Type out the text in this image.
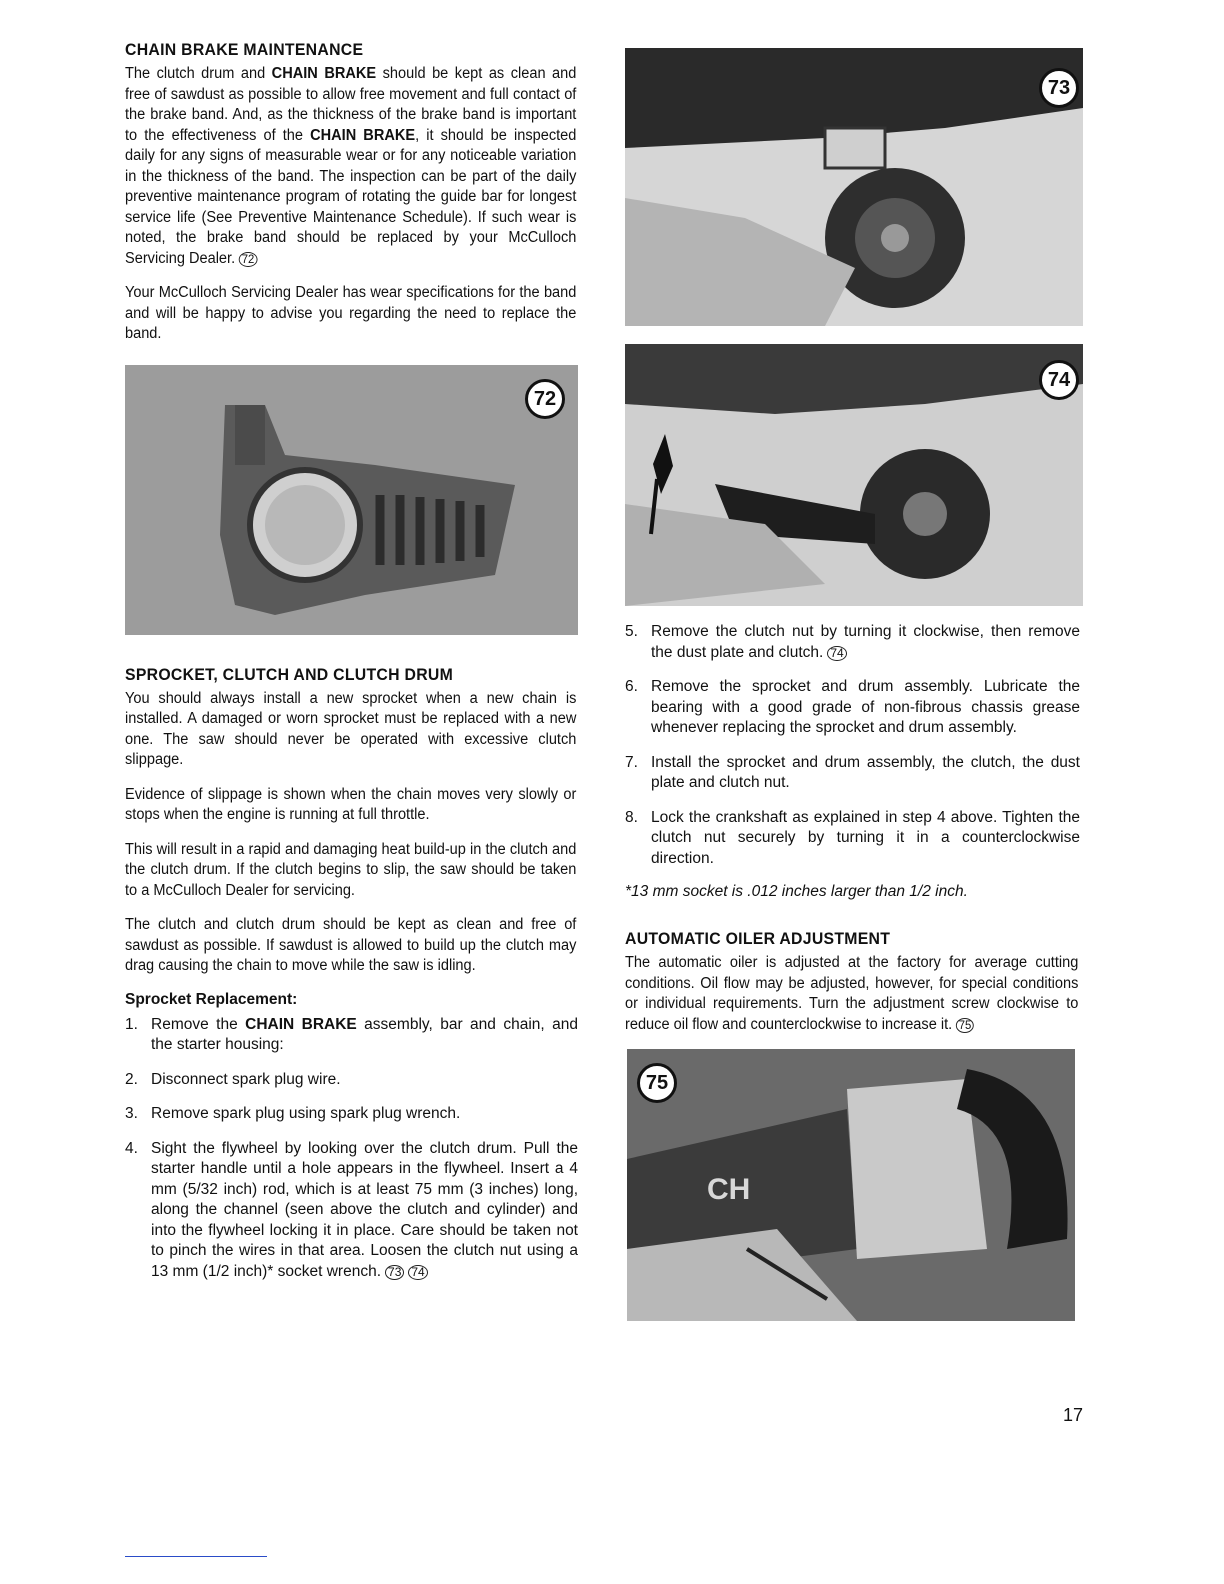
CHAIN BRAKE MAINTENANCE

The clutch drum and CHAIN BRAKE should be kept as clean and free of sawdust as possible to allow free movement and full contact of the brake band. And, as the thickness of the brake band is important to the effectiveness of the CHAIN BRAKE, it should be inspected daily for any signs of measurable wear or for any noticeable variation in the thickness of the band. The inspection can be part of the daily preventive maintenance program of rotating the guide bar for longest service life (See Preventive Maintenance Schedule). If such wear is noted, the brake band should be replaced by your McCulloch Servicing Dealer. 72

Your McCulloch Servicing Dealer has wear specifications for the band and will be happy to advise you regarding the need to replace the band.

72
SPROCKET, CLUTCH AND CLUTCH DRUM

You should always install a new sprocket when a new chain is installed. A damaged or worn sprocket must be replaced with a new one. The saw should never be operated with excessive clutch slippage.

Evidence of slippage is shown when the chain moves very slowly or stops when the engine is running at full throttle.

This will result in a rapid and damaging heat build-up in the clutch and the clutch drum. If the clutch begins to slip, the saw should be taken to a McCulloch Dealer for servicing.

The clutch and clutch drum should be kept as clean and free of sawdust as possible. If sawdust is allowed to build up the clutch may drag causing the chain to move while the saw is idling.

Sprocket Replacement:
1. Remove the CHAIN BRAKE assembly, bar and chain, and the starter housing:
2. Disconnect spark plug wire.
3. Remove spark plug using spark plug wrench.
4. Sight the flywheel by looking over the clutch drum. Pull the starter handle until a hole appears in the flywheel. Insert a 4 mm (5/32 inch) rod, which is at least 75 mm (3 inches) long, along the channel (seen above the clutch and cylinder) and into the flywheel locking it in place. Care should be taken not to pinch the wires in that area. Loosen the clutch nut using a 13 mm (1/2 inch)* socket wrench. 73 74
73
74
5. Remove the clutch nut by turning it clockwise, then remove the dust plate and clutch. 74
6. Remove the sprocket and drum assembly. Lubricate the bearing with a good grade of non-fibrous chassis grease whenever replacing the sprocket and drum assembly.
7. Install the sprocket and drum assembly, the clutch, the dust plate and clutch nut.
8. Lock the crankshaft as explained in step 4 above. Tighten the clutch nut securely by turning it in a counterclockwise direction.
*13 mm socket is .012 inches larger than 1/2 inch.
AUTOMATIC OILER ADJUSTMENT

The automatic oiler is adjusted at the factory for average cutting conditions. Oil flow may be adjusted, however, for special conditions or individual requirements. Turn the adjustment screw clockwise to reduce oil flow and counterclockwise to increase it. 75

CH
75
17
